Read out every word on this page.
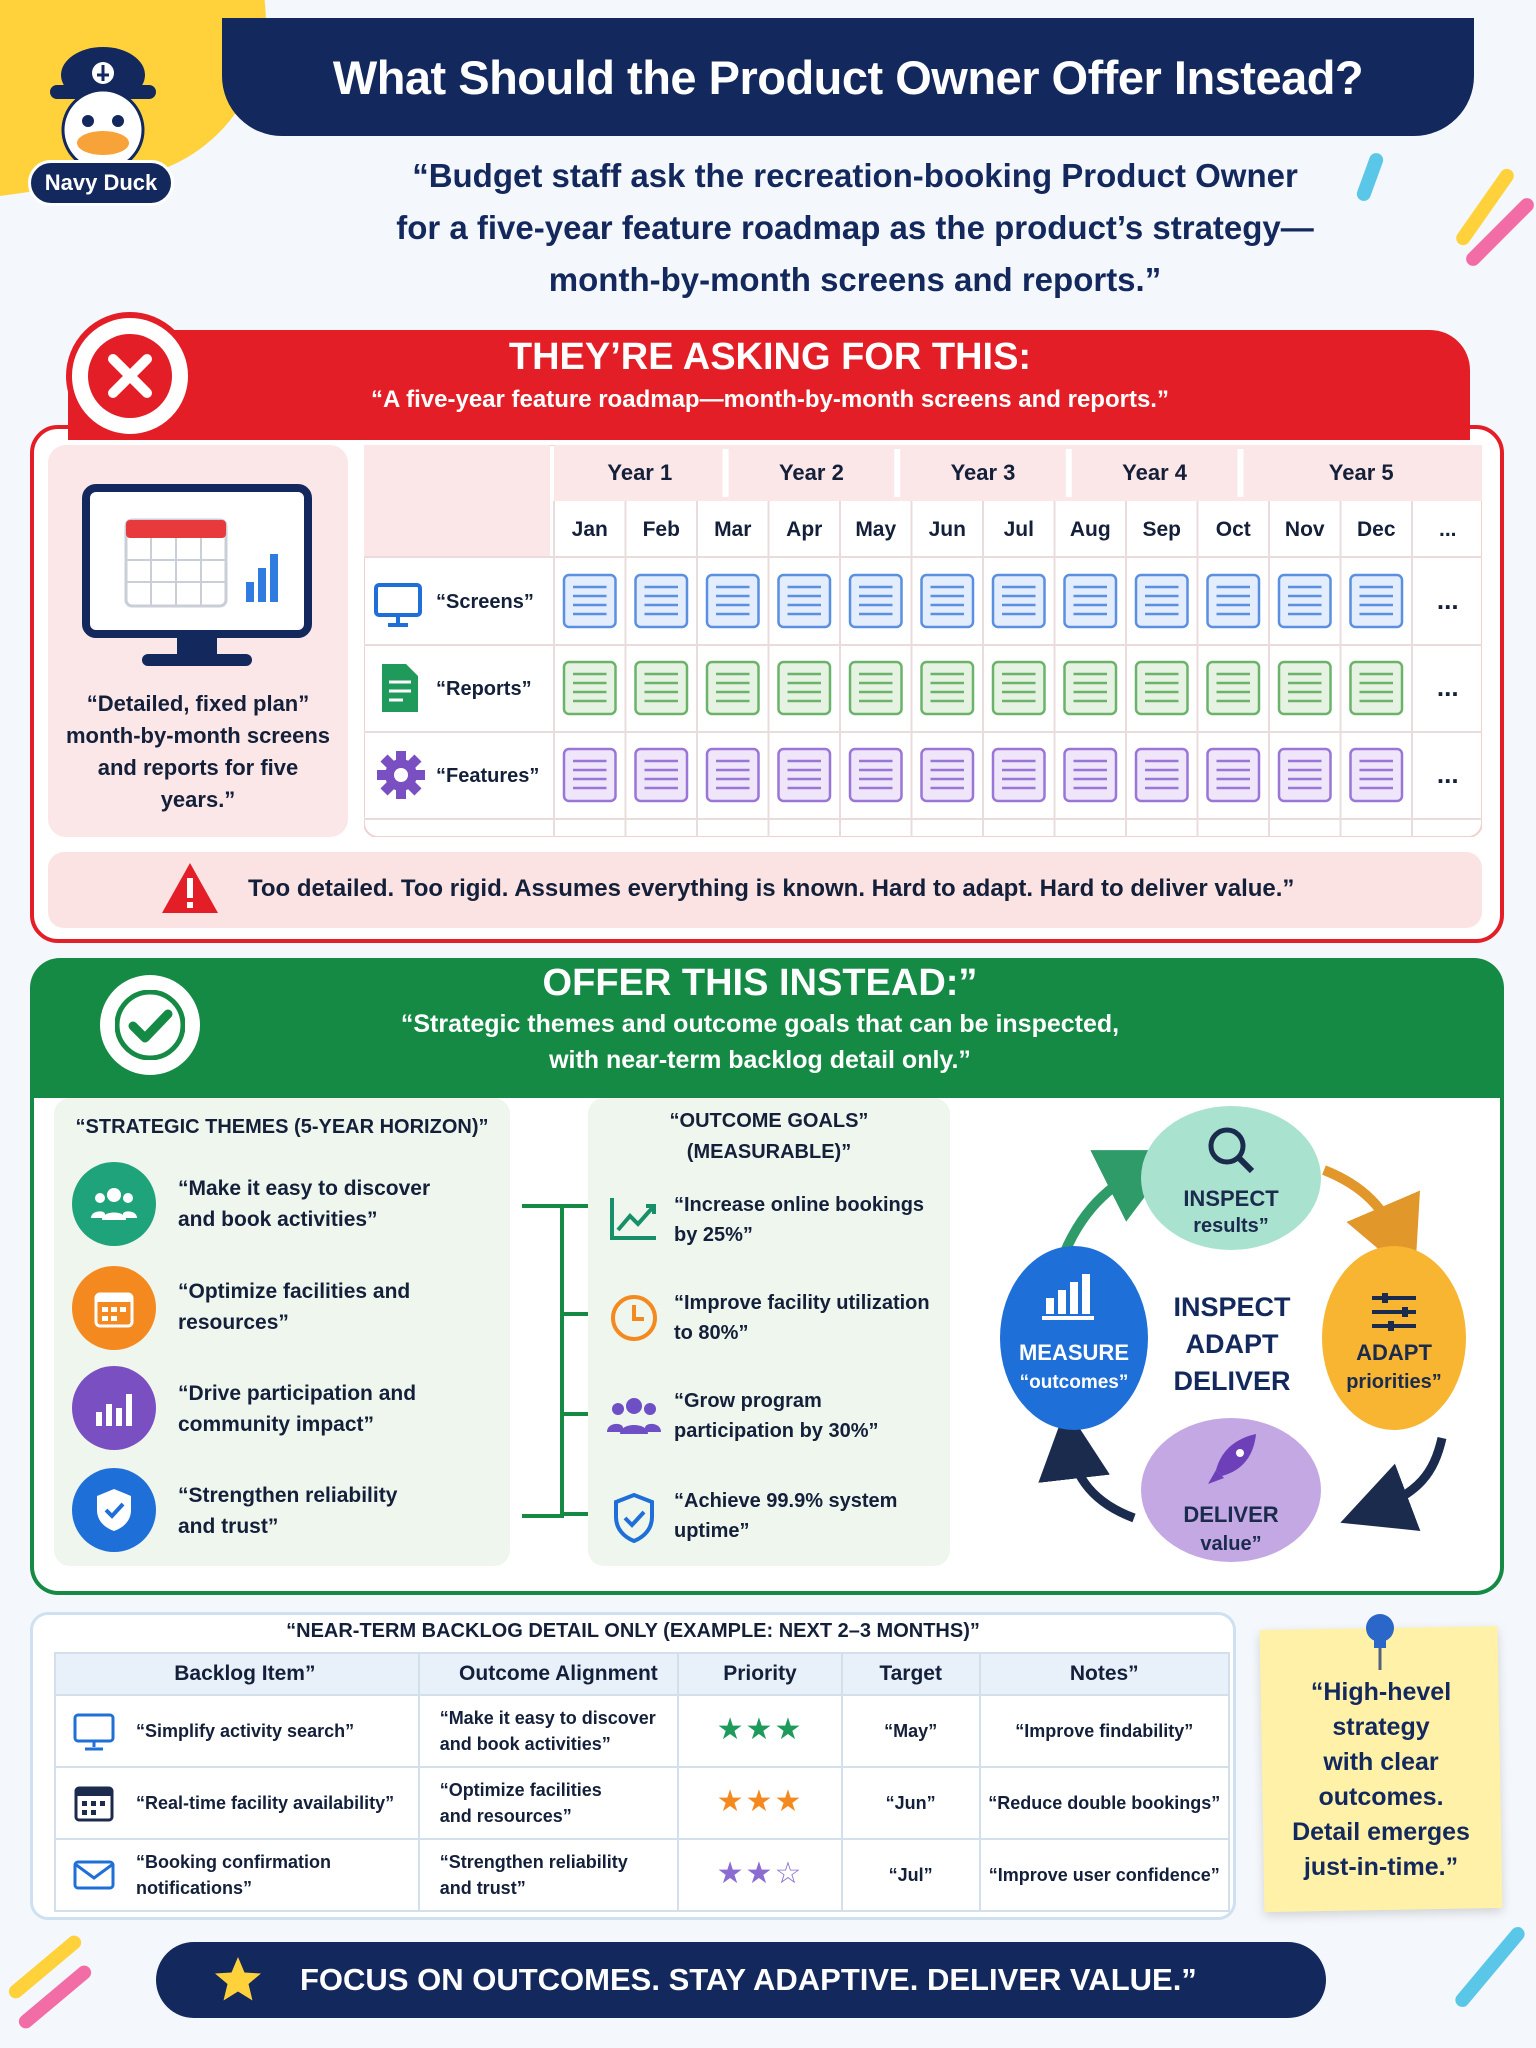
Navy Duck
What Should the Product Owner Offer Instead?
“Budget staff ask the recreation-booking Product Owner
for a five-year feature roadmap as the product’s strategy—
month-by-month screens and reports.”
THEY’RE ASKING FOR THIS:
“A five-year feature roadmap—month-by-month screens and reports.”
“Detailed, fixed plan” month-by-month screens and reports for five years.”
Year 1	Year 2	Year 3	Year 4	Year 5
Jan Feb Mar Apr May Jun Jul Aug Sep Oct Nov Dec ...
“Screens”	...
“Reports”	...
“Features”	...
Too detailed. Too rigid. Assumes everything is known. Hard to adapt. Hard to deliver value.”
OFFER THIS INSTEAD:”
“Strategic themes and outcome goals that can be inspected,
with near-term backlog detail only.”
“STRATEGIC THEMES (5-YEAR HORIZON)”
“Make it easy to discover
and book activities”
“Optimize facilities and
resources”
“Drive participation and
community impact”
“Strengthen reliability
and trust”
“OUTCOME GOALS”
(MEASURABLE)”
“Increase online bookings
by 25%”
“Improve facility utilization
to 80%”
“Grow program
participation by 30%”
“Achieve 99.9% system
uptime”
INSPECT
results”
ADAPT
priorities”
DELIVER
value”
MEASURE
“outcomes”
INSPECT
ADAPT
DELIVER
“NEAR-TERM BACKLOG DETAIL ONLY (EXAMPLE: NEXT 2–3 MONTHS)”
Backlog Item”	Outcome Alignment	Priority	Target	Notes”
“Simplify activity search”	“Make it easy to discover
and book activities”	★★★	“May”	“Improve findability”
“Real-time facility availability”	“Optimize facilities
and resources”	★★★	“Jun”	“Reduce double bookings”
“Booking confirmation notifications”	“Strengthen reliability
and trust”	★★☆	“Jul”	“Improve user confidence”
“High-hevel
strategy
with clear
outcomes.
Detail emerges
just-in-time.”
FOCUS ON OUTCOMES. STAY ADAPTIVE. DELIVER VALUE.”
